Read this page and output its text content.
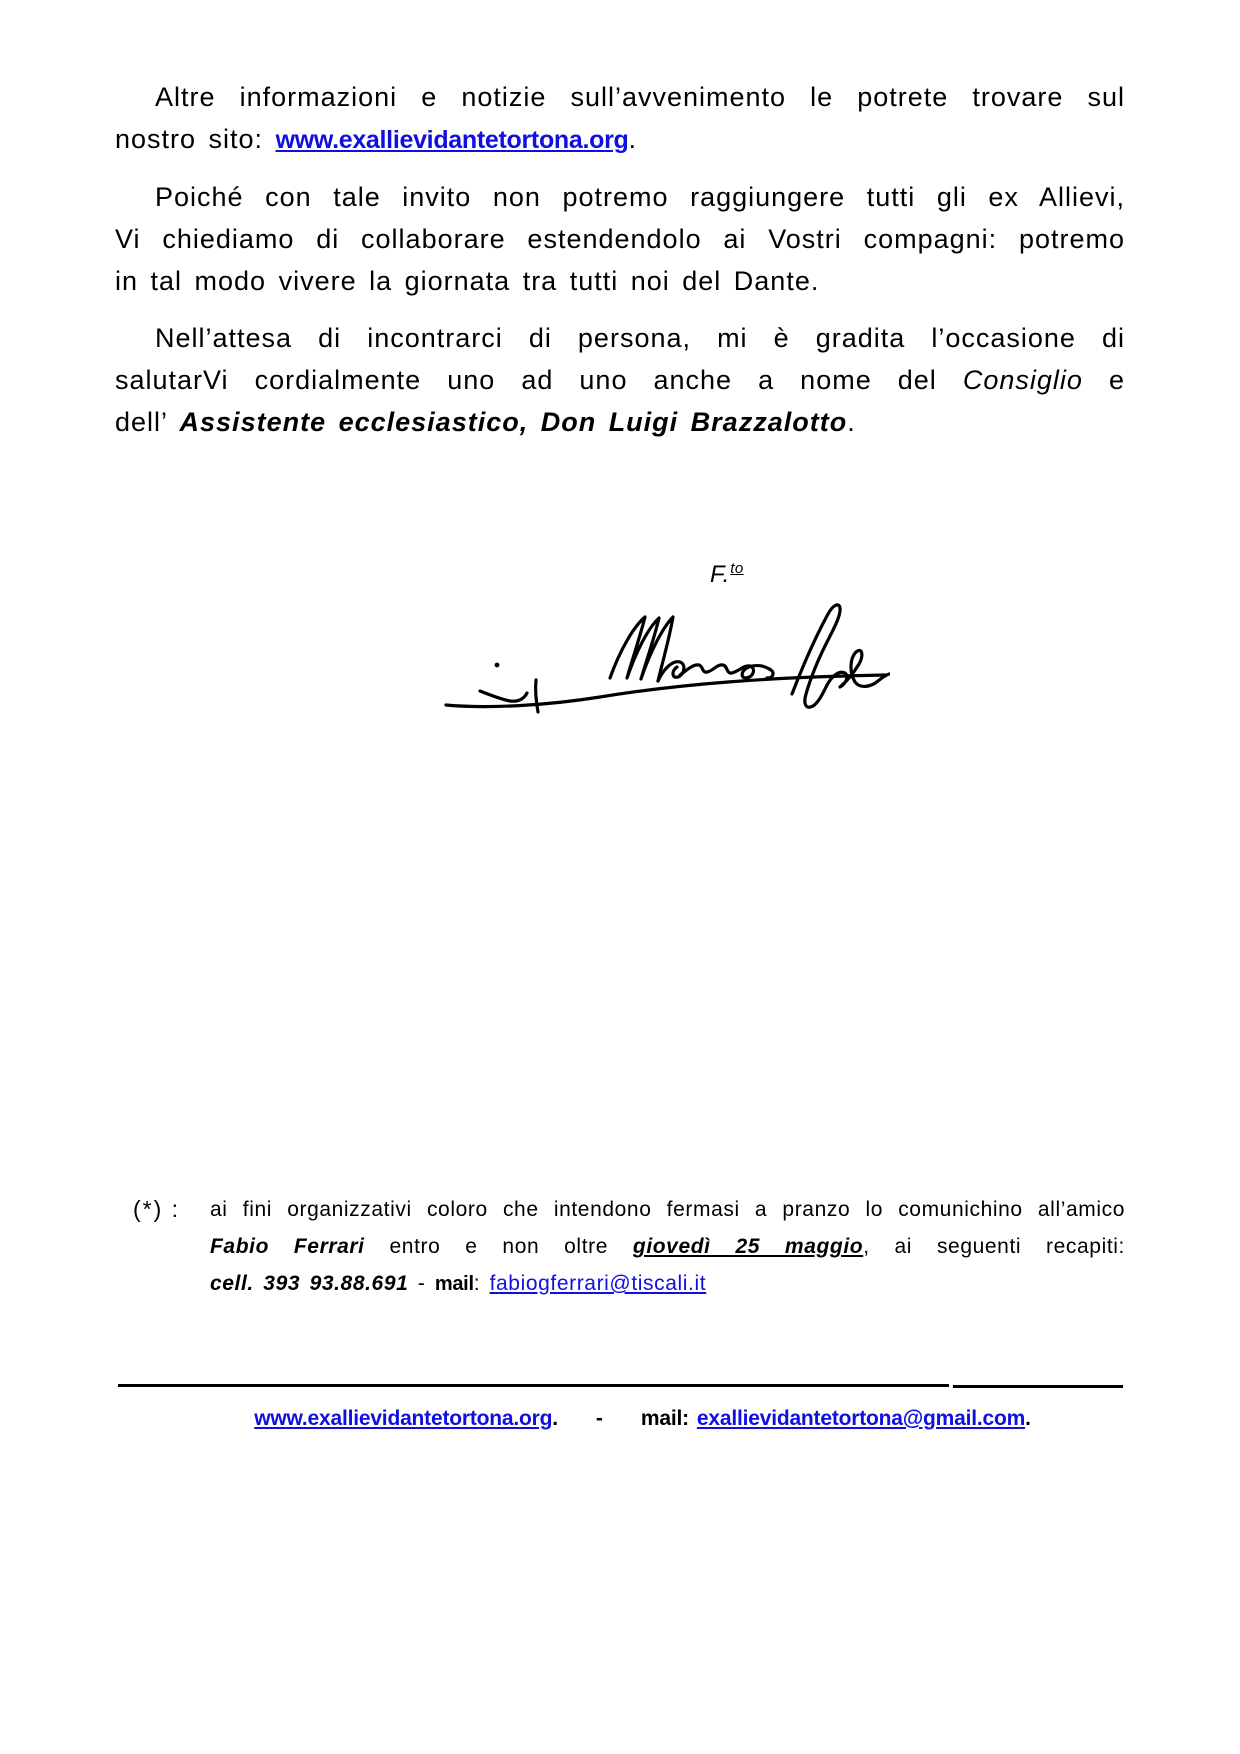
Altre informazioni e notizie sull’avvenimento le potrete trovare sul
nostro sito: www.exallievidantetortona.org.
Poiché con tale invito non potremo raggiungere tutti gli ex Allievi,
Vi chiediamo di collaborare estendendolo ai Vostri compagni: potremo
in tal modo vivere la giornata tra tutti noi del Dante.
Nell’attesa di incontrarci di persona, mi è gradita l’occasione di
salutarVi cordialmente uno ad uno anche a nome del Consiglio e
dell’ Assistente ecclesiastico, Don Luigi Brazzalotto.
F.$^{to}$
(*) :	ai fini organizzativi coloro che intendono fermasi a pranzo lo comunichino all’amico
Fabio Ferrari entro e non oltre giovedì 25 maggio, ai seguenti recapiti:
cell. 393 93.88.691 - mail: fabiogferrari@tiscali.it
www.exallievidantetortona.org. - mail: exallievidantetortona@gmail.com.
